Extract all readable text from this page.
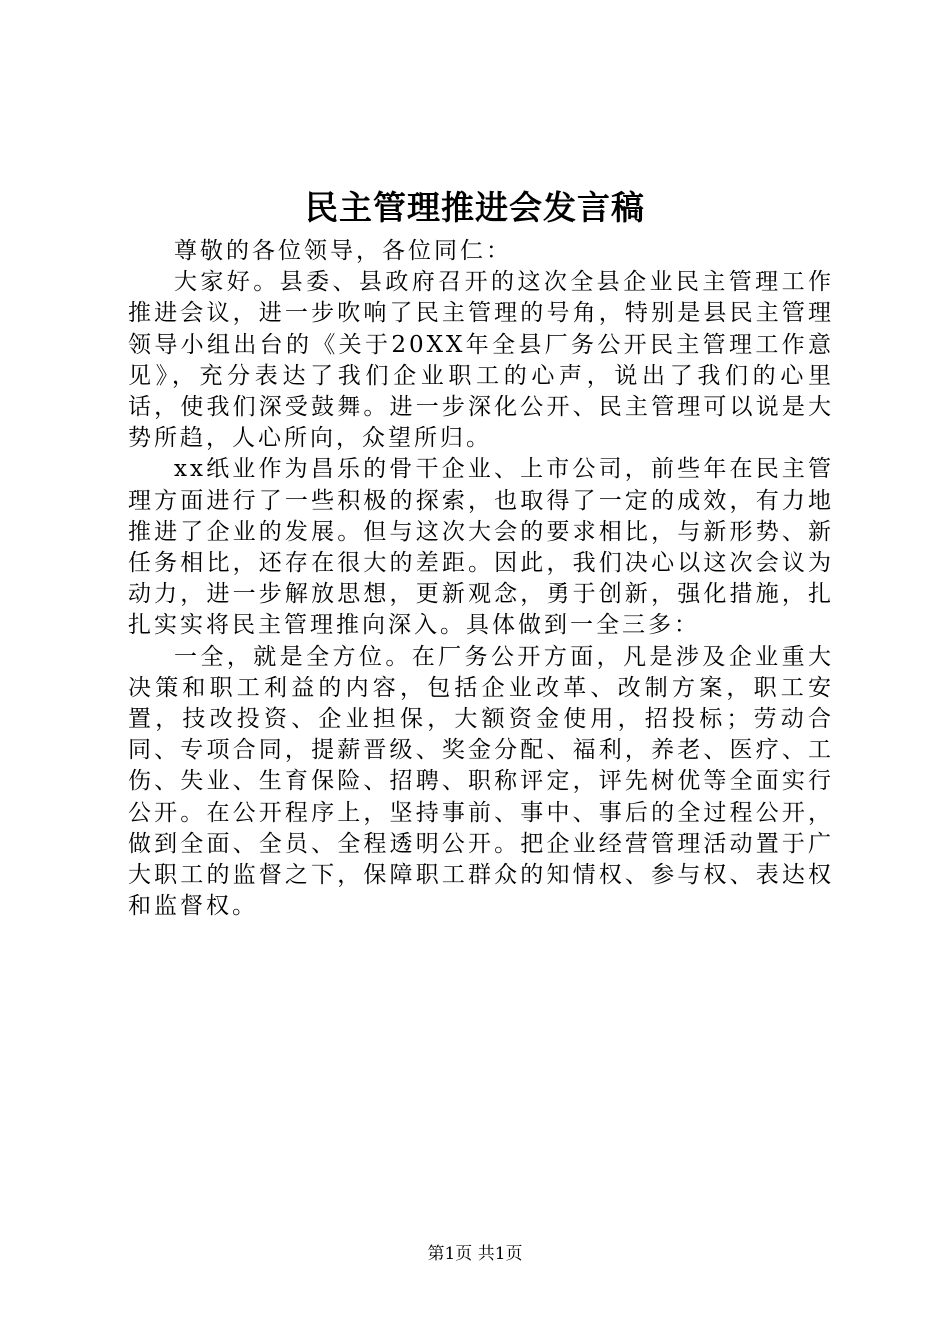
民主管理推进会发言稿

尊敬的各位领导，各位同仁：

大家好。县委、县政府召开的这次全县企业民主管理工作推进会议，进一步吹响了民主管理的号角，特别是县民主管理领导小组出台的《关于20XX年全县厂务公开民主管理工作意见》，充分表达了我们企业职工的心声，说出了我们的心里话，使我们深受鼓舞。进一步深化公开、民主管理可以说是大势所趋，人心所向，众望所归。

xx纸业作为昌乐的骨干企业、上市公司，前些年在民主管理方面进行了一些积极的探索，也取得了一定的成效，有力地推进了企业的发展。但与这次大会的要求相比，与新形势、新任务相比，还存在很大的差距。因此，我们决心以这次会议为动力，进一步解放思想，更新观念，勇于创新，强化措施，扎扎实实将民主管理推向深入。具体做到一全三多：

一全，就是全方位。在厂务公开方面，凡是涉及企业重大决策和职工利益的内容，包括企业改革、改制方案，职工安置，技改投资、企业担保，大额资金使用，招投标；劳动合同、专项合同，提薪晋级、奖金分配、福利，养老、医疗、工伤、失业、生育保险、招聘、职称评定，评先树优等全面实行公开。在公开程序上，坚持事前、事中、事后的全过程公开，做到全面、全员、全程透明公开。把企业经营管理活动置于广大职工的监督之下，保障职工群众的知情权、参与权、表达权和监督权。

第1页 共1页
